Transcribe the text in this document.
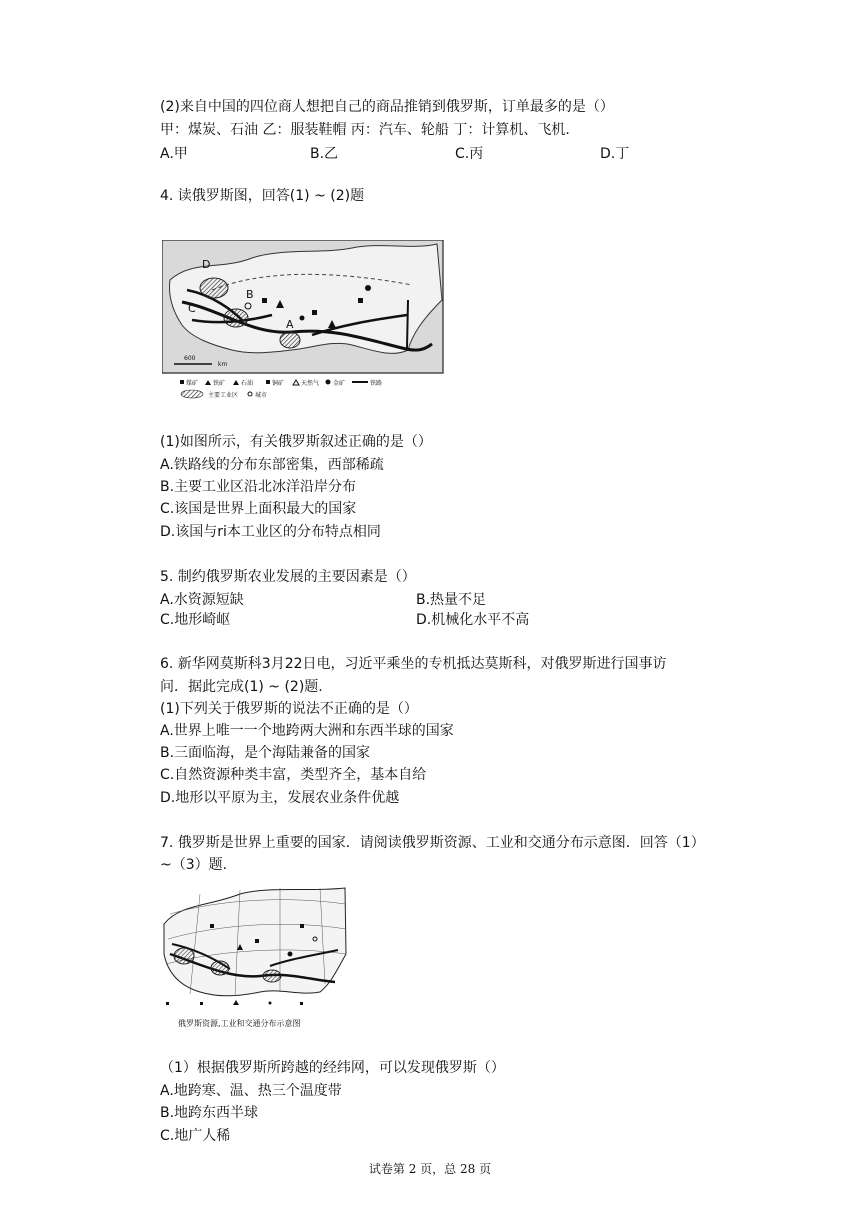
(2)来自中国的四位商人想把自己的商品推销到俄罗斯，订单最多的是（）
甲：煤炭、石油 乙：服装鞋帽 丙：汽车、轮船 丁：计算机、飞机.
A.甲	B.乙	C.丙	D.丁
4. 读俄罗斯图，回答(1) ~ (2)题
D
B
A
C
600
km
煤矿 铁矿	石油	铜矿	天然气 金矿	铁路
主要工业区	城市
(1)如图所示，有关俄罗斯叙述正确的是（）
A.铁路线的分布东部密集，西部稀疏
B.主要工业区沿北冰洋沿岸分布
C.该国是世界上面积最大的国家
D.该国与ri本工业区的分布特点相同
5. 制约俄罗斯农业发展的主要因素是（）
A.水资源短缺	B.热量不足
C.地形崎岖	D.机械化水平不高
6. 新华网莫斯科3月22日电，习近平乘坐的专机抵达莫斯科，对俄罗斯进行国事访
问．据此完成(1) ~ (2)题.
(1)下列关于俄罗斯的说法不正确的是（）
A.世界上唯一一个地跨两大洲和东西半球的国家
B.三面临海，是个海陆兼备的国家
C.自然资源种类丰富，类型齐全，基本自给
D.地形以平原为主，发展农业条件优越
7. 俄罗斯是世界上重要的国家．请阅读俄罗斯资源、工业和交通分布示意图．回答（1）
~（3）题.
俄罗斯资源,工业和交通分布示意图
（1）根据俄罗斯所跨越的经纬网，可以发现俄罗斯（）
A.地跨寒、温、热三个温度带
B.地跨东西半球
C.地广人稀
试卷第 2 页，总 28 页
